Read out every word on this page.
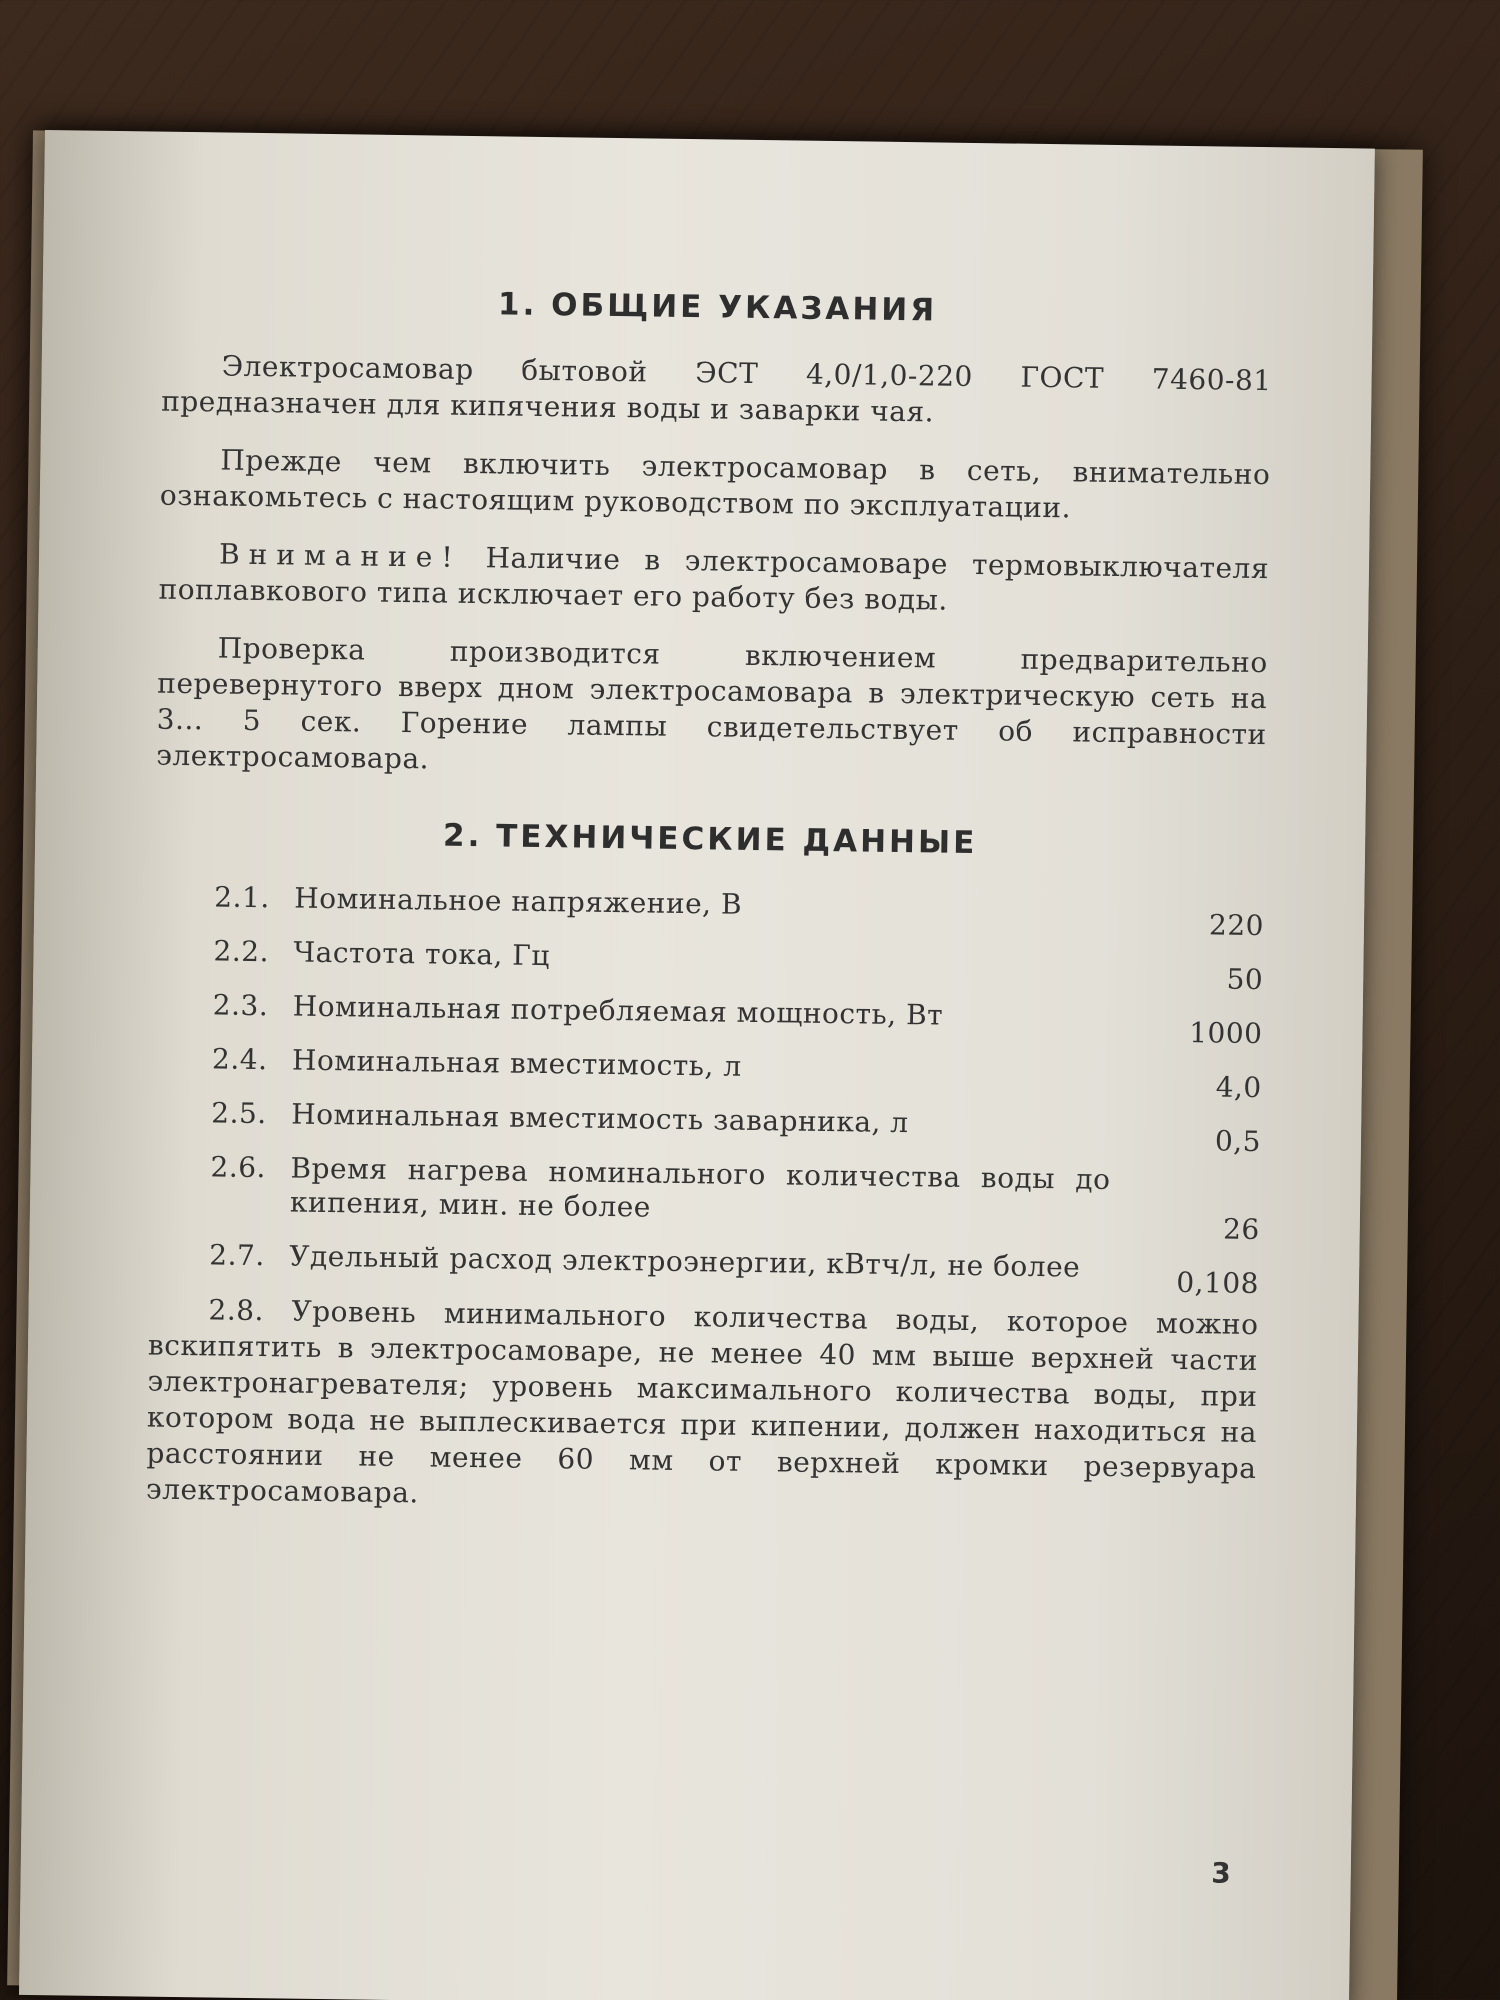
1. ОБЩИЕ УКАЗАНИЯ

Электросамовар бытовой ЭСТ 4,0/1,0-220 ГОСТ 7460-81 предназначен для кипячения воды и заварки чая.

Прежде чем включить электросамовар в сеть, внимательно ознакомьтесь с настоящим руководством по эксплуатации.

Внимание! Наличие в электросамоваре термовыключателя поплавкового типа исключает его работу без воды.

Проверка производится включением предварительно перевернутого вверх дном электросамовара в электрическую сеть на 3... 5 сек. Горение лампы свидетельствует об исправности электросамовара.

2. ТЕХНИЧЕСКИЕ ДАННЫЕ
2.1. Номинальное напряжение, В
220
2.2. Частота тока, Гц
50
2.3. Номинальная потребляемая мощность, Вт
1000
2.4. Номинальная вместимость, л
4,0
2.5. Номинальная вместимость заварника, л
0,5
2.6. Время нагрева номинального количества воды до кипения, мин. не более
26
2.7. Удельный расход электроэнергии, кВтч/л, не более	0,108

2.8. Уровень минимального количества воды, которое можно вскипятить в электросамоваре, не менее 40 мм выше верхней части электронагревателя; уровень максимального количества воды, при котором вода не выплескивается при кипении, должен находиться на расстоянии не менее 60 мм от верхней кромки резервуара электросамовара.

3
